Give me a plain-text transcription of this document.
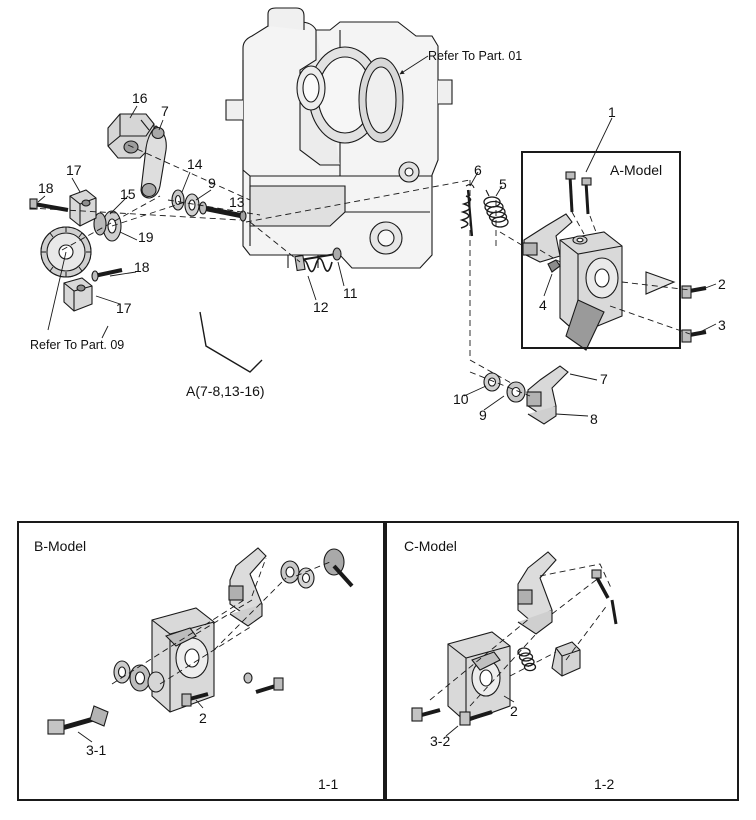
Refer To Part. 01
Refer To Part. 09
A(7-8,13-16)
A-Model
B-Model	C-Model
1-1	1-2
1
2
3
4
5
6
7
7
8
9
9
10
11
12
13
14
15
16
17
17
18
18
19
2
3-1
2
3-2
